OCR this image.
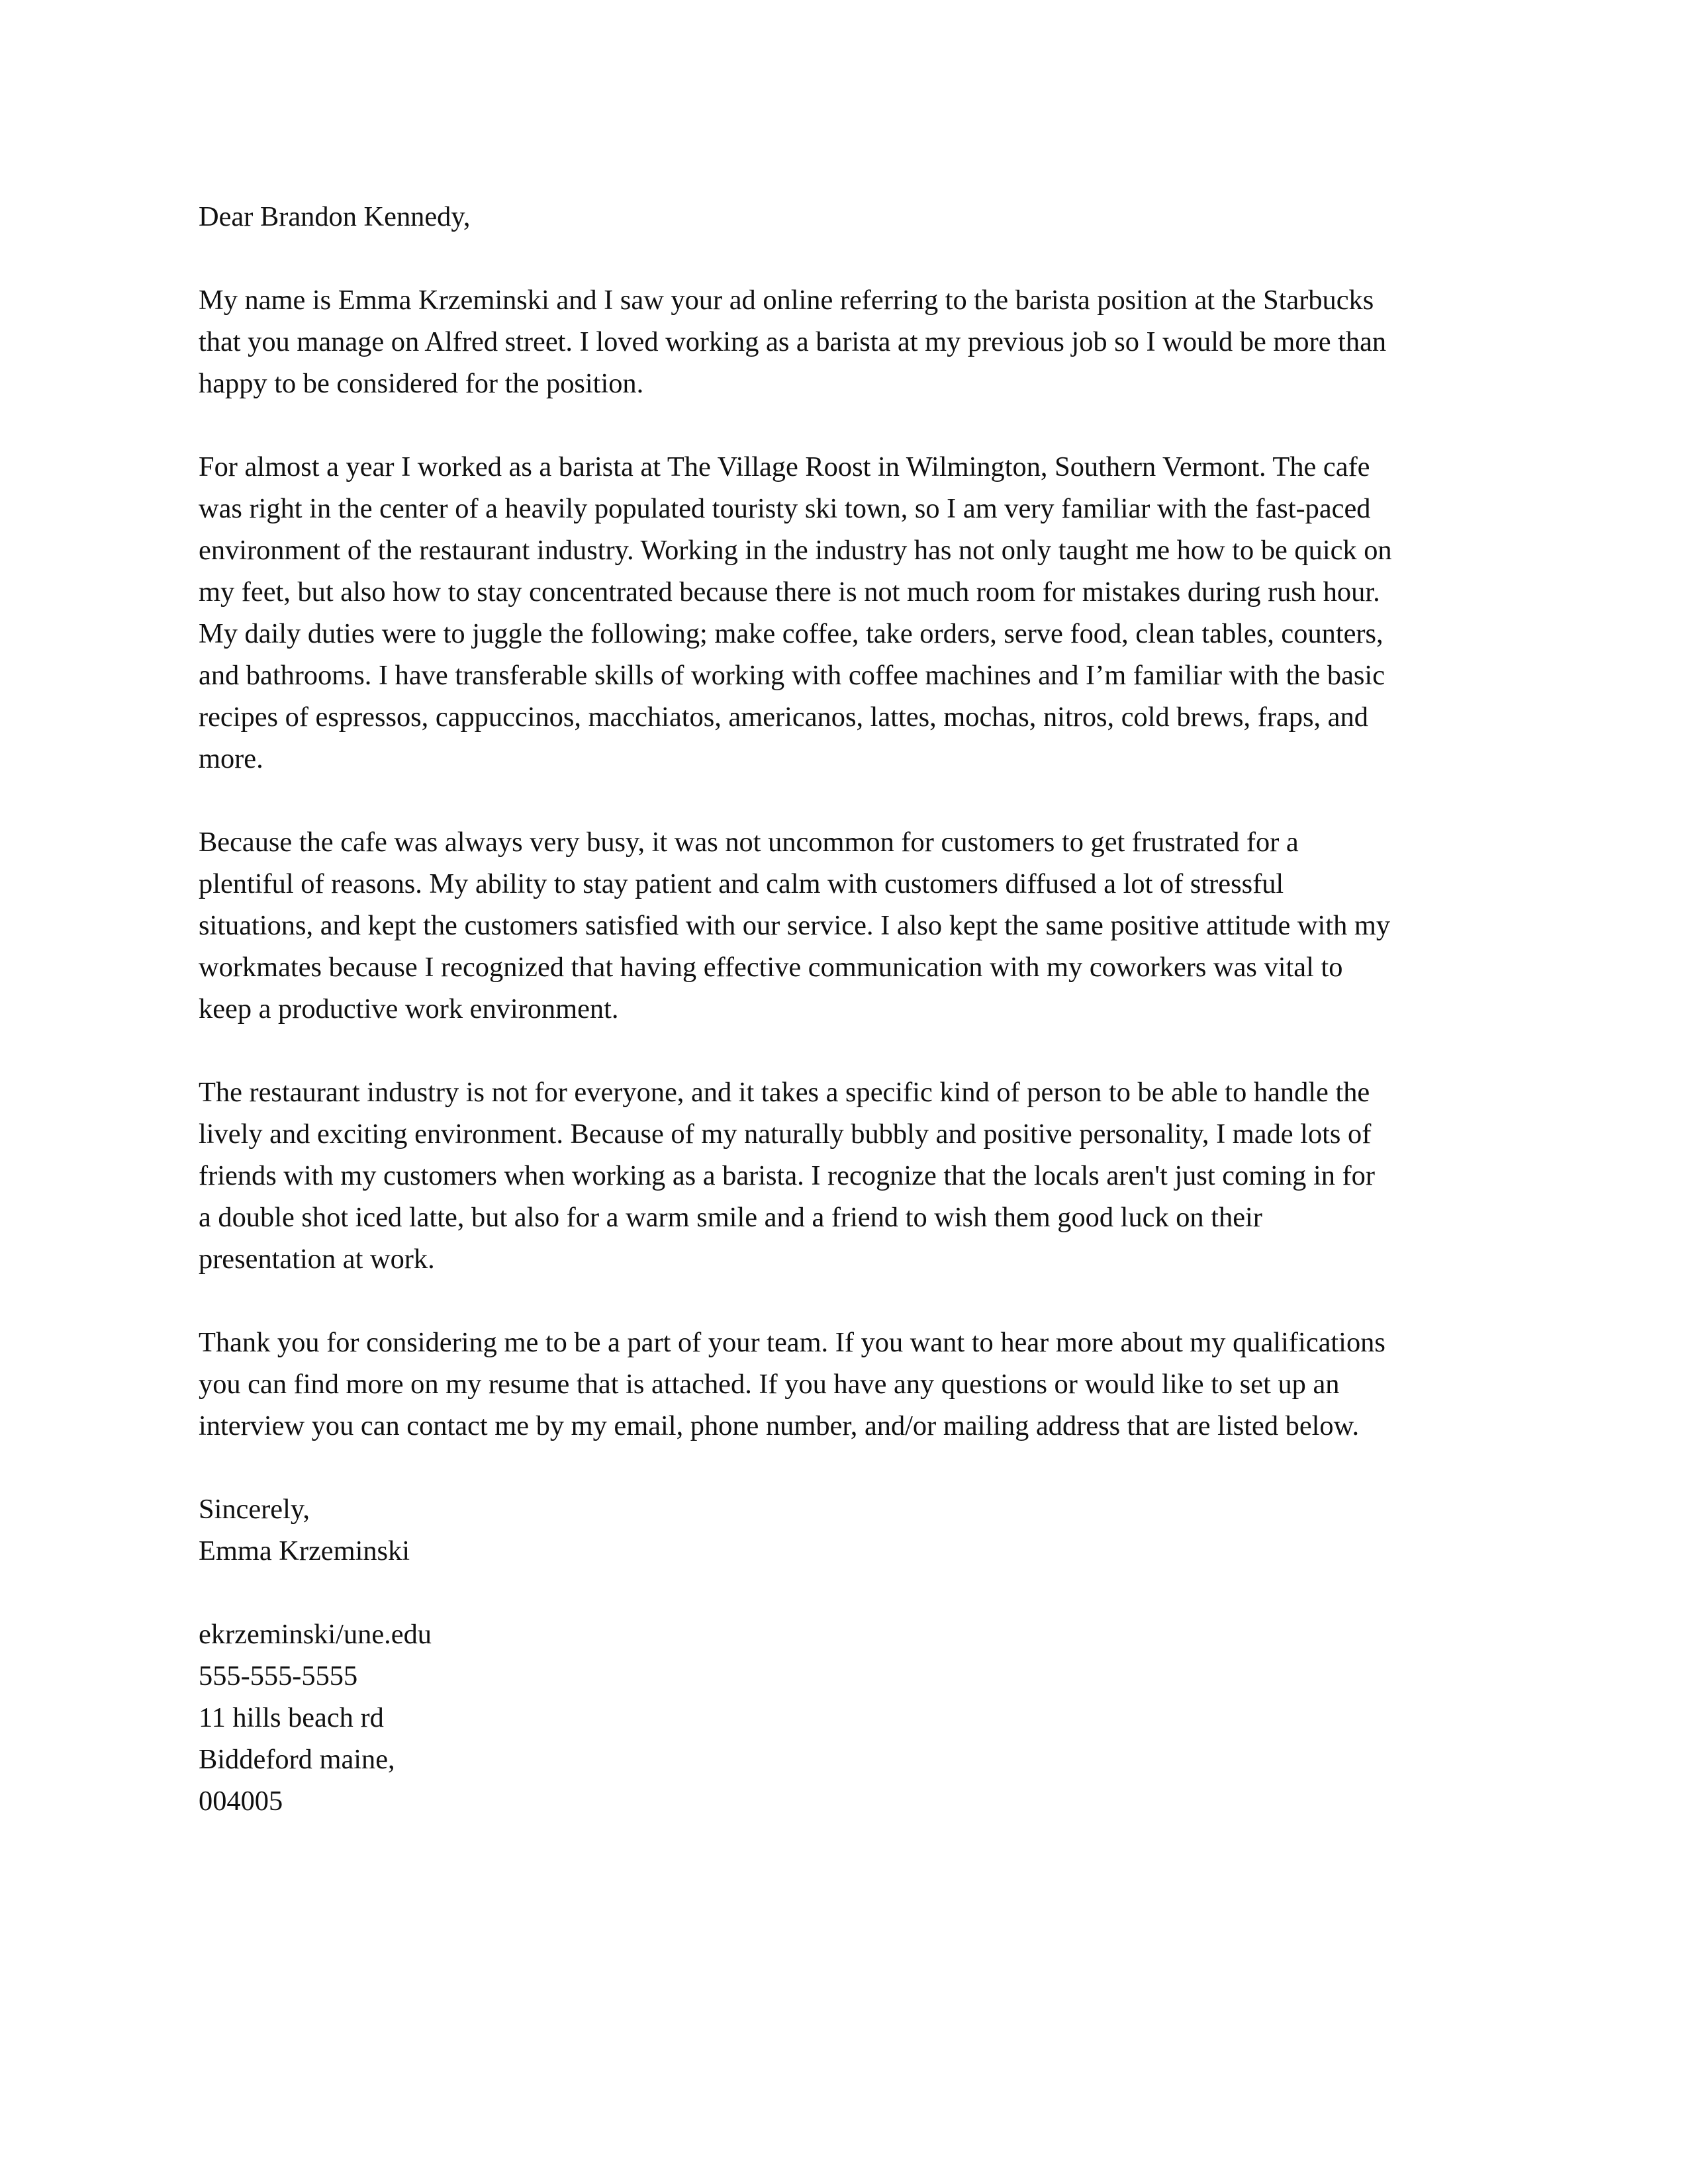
Dear Brandon Kennedy,

My name is Emma Krzeminski and I saw your ad online referring to the barista position at the Starbucks
that you manage on Alfred street. I loved working as a barista at my previous job so I would be more than
happy to be considered for the position.

For almost a year I worked as a barista at The Village Roost in Wilmington, Southern Vermont. The cafe
was right in the center of a heavily populated touristy ski town, so I am very familiar with the fast-paced
environment of the restaurant industry. Working in the industry has not only taught me how to be quick on
my feet, but also how to stay concentrated because there is not much room for mistakes during rush hour.
My daily duties were to juggle the following; make coffee, take orders, serve food, clean tables, counters,
and bathrooms. I have transferable skills of working with coffee machines and I’m familiar with the basic
recipes of espressos, cappuccinos, macchiatos, americanos, lattes, mochas, nitros, cold brews, fraps, and
more.

Because the cafe was always very busy, it was not uncommon for customers to get frustrated for a
plentiful of reasons. My ability to stay patient and calm with customers diffused a lot of stressful
situations, and kept the customers satisfied with our service. I also kept the same positive attitude with my
workmates because I recognized that having effective communication with my coworkers was vital to
keep a productive work environment.

The restaurant industry is not for everyone, and it takes a specific kind of person to be able to handle the
lively and exciting environment. Because of my naturally bubbly and positive personality, I made lots of
friends with my customers when working as a barista. I recognize that the locals aren't just coming in for
a double shot iced latte, but also for a warm smile and a friend to wish them good luck on their
presentation at work.

Thank you for considering me to be a part of your team. If you want to hear more about my qualifications
you can find more on my resume that is attached. If you have any questions or would like to set up an
interview you can contact me by my email, phone number, and/or mailing address that are listed below.

Sincerely,
Emma Krzeminski
ekrzeminski/une.edu
555-555-5555
11 hills beach rd
Biddeford maine,
004005
